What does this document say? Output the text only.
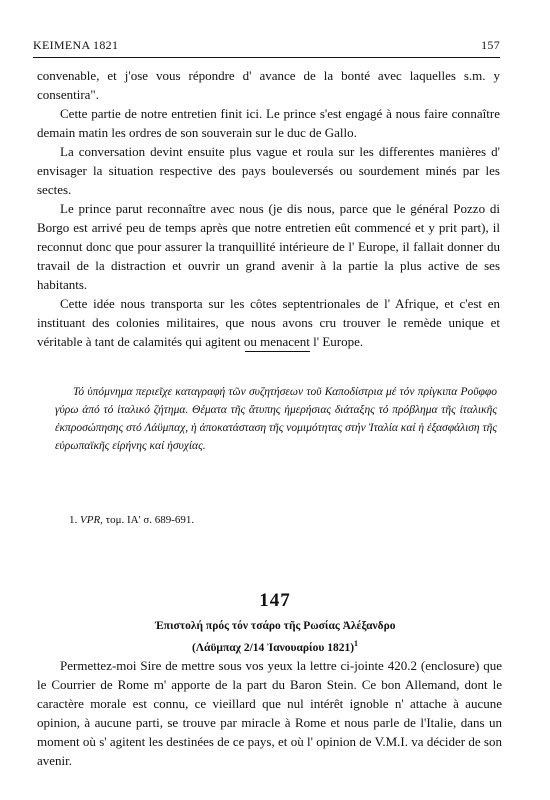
ΚΕΙΜΕΝΑ 1821	157

convenable, et j'ose vous répondre d' avance de la bonté avec laquelles s.m. y consentira".

Cette partie de notre entretien finit ici. Le prince s'est engagé à nous faire connaître demain matin les ordres de son souverain sur le duc de Gallo.

La conversation devint ensuite plus vague et roula sur les differentes manières d' envisager la situation respective des pays bouleversés ou sourdement minés par les sectes.

Le prince parut reconnaître avec nous (je dis nous, parce que le général Pozzo di Borgo est arrivé peu de temps après que notre entretien eût commencé et y prit part), il reconnut donc que pour assurer la tranquillité intérieure de l' Europe, il fallait donner du travail de la distraction et ouvrir un grand avenir à la partie la plus active de ses habitants.

Cette idée nous transporta sur les côtes septentrionales de l' Afrique, et c'est en instituant des colonies militaires, que nous avons cru trouver le remède unique et véritable à tant de calamités qui agitent ou menacent l' Europe.

Τό ὑπόμνημα περιεῖχε καταγραφή τῶν συζητήσεων τοῦ Καποδίστρια μέ τόν πρίγκιπα Ροῦφφο γύρω ἀπό τό ἰταλικό ζήτημα. Θέματα τῆς ἄτυπης ἡμερήσιας διάταξης τό πρόβλημα τῆς ἰταλικῆς ἐκπροσώπησης στό Λάϋμπαχ, ἡ ἀποκατάσταση τῆς νομιμότητας στήν Ἰταλία καί ἡ ἐξασφάλιση τῆς εὐρωπαϊκῆς εἰρήνης καί ἡσυχίας.

1. VPR, τομ. ΙΑ' σ. 689-691.
147
Ἐπιστολή πρός τόν τσάρο τῆς Ρωσίας Ἀλέξανδρο
(Λάϋμπαχ 2/14 Ἰανουαρίου 1821)$^1$

Permettez-moi Sire de mettre sous vos yeux la lettre ci-jointe 420.2 (enclosure) que le Courrier de Rome m' apporte de la part du Baron Stein. Ce bon Allemand, dont le caractère morale est connu, ce vieillard que nul intérêt ignoble n' attache à aucune opinion, à aucune parti, se trouve par miracle à Rome et nous parle de l'Italie, dans un moment où s' agitent les destinées de ce pays, et où l' opinion de V.M.I. va décider de son avenir.
